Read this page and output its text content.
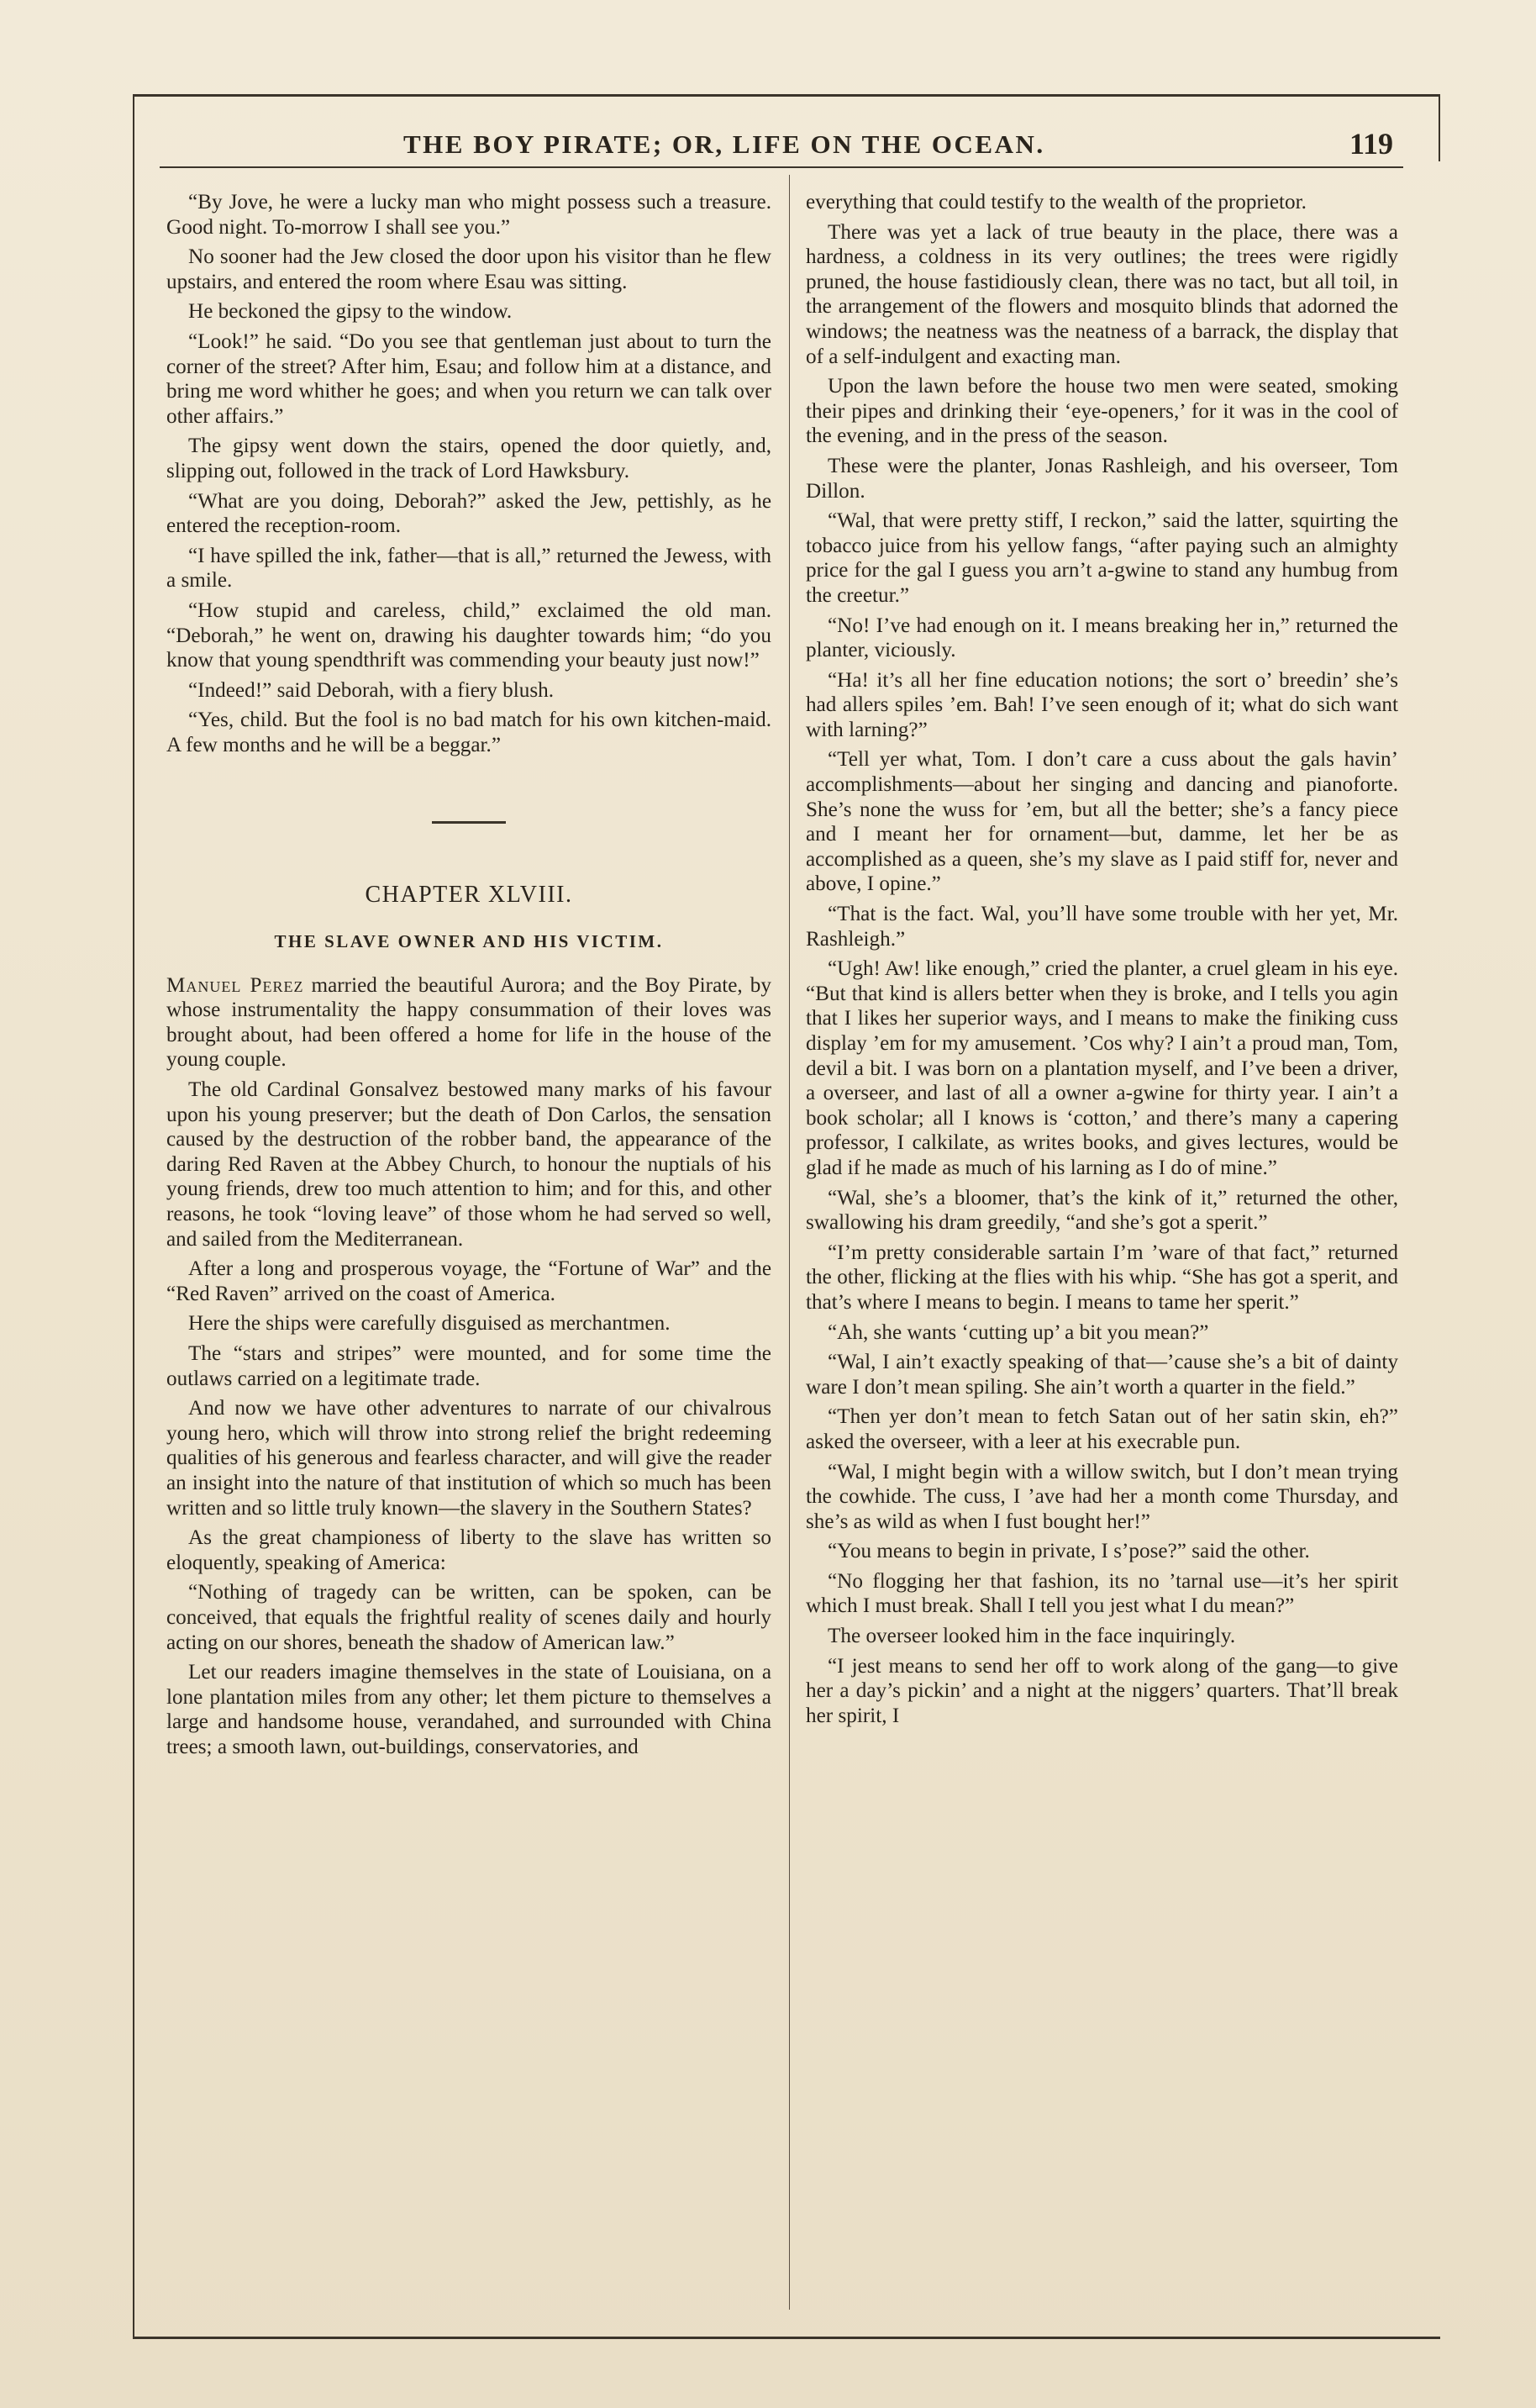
THE BOY PIRATE; OR, LIFE ON THE OCEAN.	119

“By Jove, he were a lucky man who might possess such a treasure. Good night. To-morrow I shall see you.”

No sooner had the Jew closed the door upon his visitor than he flew upstairs, and entered the room where Esau was sitting.

He beckoned the gipsy to the window.

“Look!” he said. “Do you see that gentleman just about to turn the corner of the street? After him, Esau; and follow him at a distance, and bring me word whither he goes; and when you return we can talk over other affairs.”

The gipsy went down the stairs, opened the door quietly, and, slipping out, followed in the track of Lord Hawksbury.

“What are you doing, Deborah?” asked the Jew, pettishly, as he entered the reception-room.

“I have spilled the ink, father—that is all,” returned the Jewess, with a smile.

“How stupid and careless, child,” exclaimed the old man. “Deborah,” he went on, drawing his daughter towards him; “do you know that young spendthrift was commending your beauty just now!”

“Indeed!” said Deborah, with a fiery blush.

“Yes, child. But the fool is no bad match for his own kitchen-maid. A few months and he will be a beggar.”

CHAPTER XLVIII.
THE SLAVE OWNER AND HIS VICTIM.

Manuel Perez married the beautiful Aurora; and the Boy Pirate, by whose instrumentality the happy consummation of their loves was brought about, had been offered a home for life in the house of the young couple.

The old Cardinal Gonsalvez bestowed many marks of his favour upon his young preserver; but the death of Don Carlos, the sensation caused by the destruction of the robber band, the appearance of the daring Red Raven at the Abbey Church, to honour the nuptials of his young friends, drew too much attention to him; and for this, and other reasons, he took “loving leave” of those whom he had served so well, and sailed from the Mediterranean.

After a long and prosperous voyage, the “Fortune of War” and the “Red Raven” arrived on the coast of America.

Here the ships were carefully disguised as merchantmen.

The “stars and stripes” were mounted, and for some time the outlaws carried on a legitimate trade.

And now we have other adventures to narrate of our chivalrous young hero, which will throw into strong relief the bright redeeming qualities of his generous and fearless character, and will give the reader an insight into the nature of that institution of which so much has been written and so little truly known—the slavery in the Southern States?

As the great championess of liberty to the slave has written so eloquently, speaking of America:

“Nothing of tragedy can be written, can be spoken, can be conceived, that equals the frightful reality of scenes daily and hourly acting on our shores, beneath the shadow of American law.”

Let our readers imagine themselves in the state of Louisiana, on a lone plantation miles from any other; let them picture to themselves a large and handsome house, verandahed, and surrounded with China trees; a smooth lawn, out-buildings, conservatories, and

everything that could testify to the wealth of the proprietor.

There was yet a lack of true beauty in the place, there was a hardness, a coldness in its very outlines; the trees were rigidly pruned, the house fastidiously clean, there was no tact, but all toil, in the arrangement of the flowers and mosquito blinds that adorned the windows; the neatness was the neatness of a barrack, the display that of a self-indulgent and exacting man.

Upon the lawn before the house two men were seated, smoking their pipes and drinking their ‘eye-openers,’ for it was in the cool of the evening, and in the press of the season.

These were the planter, Jonas Rashleigh, and his overseer, Tom Dillon.

“Wal, that were pretty stiff, I reckon,” said the latter, squirting the tobacco juice from his yellow fangs, “after paying such an almighty price for the gal I guess you arn’t a-gwine to stand any humbug from the creetur.”

“No! I’ve had enough on it. I means breaking her in,” returned the planter, viciously.

“Ha! it’s all her fine education notions; the sort o’ breedin’ she’s had allers spiles ’em. Bah! I’ve seen enough of it; what do sich want with larning?”

“Tell yer what, Tom. I don’t care a cuss about the gals havin’ accomplishments—about her singing and dancing and pianoforte. She’s none the wuss for ’em, but all the better; she’s a fancy piece and I meant her for ornament—but, damme, let her be as accomplished as a queen, she’s my slave as I paid stiff for, never and above, I opine.”

“That is the fact. Wal, you’ll have some trouble with her yet, Mr. Rashleigh.”

“Ugh! Aw! like enough,” cried the planter, a cruel gleam in his eye. “But that kind is allers better when they is broke, and I tells you agin that I likes her superior ways, and I means to make the finiking cuss display ’em for my amusement. ’Cos why? I ain’t a proud man, Tom, devil a bit. I was born on a plantation myself, and I’ve been a driver, a overseer, and last of all a owner a-gwine for thirty year. I ain’t a book scholar; all I knows is ‘cotton,’ and there’s many a capering professor, I calkilate, as writes books, and gives lectures, would be glad if he made as much of his larning as I do of mine.”

“Wal, she’s a bloomer, that’s the kink of it,” returned the other, swallowing his dram greedily, “and she’s got a sperit.”

“I’m pretty considerable sartain I’m ’ware of that fact,” returned the other, flicking at the flies with his whip. “She has got a sperit, and that’s where I means to begin. I means to tame her sperit.”

“Ah, she wants ‘cutting up’ a bit you mean?”

“Wal, I ain’t exactly speaking of that—’cause she’s a bit of dainty ware I don’t mean spiling. She ain’t worth a quarter in the field.”

“Then yer don’t mean to fetch Satan out of her satin skin, eh?” asked the overseer, with a leer at his execrable pun.

“Wal, I might begin with a willow switch, but I don’t mean trying the cowhide. The cuss, I ’ave had her a month come Thursday, and she’s as wild as when I fust bought her!”

“You means to begin in private, I s’pose?” said the other.

“No flogging her that fashion, its no ’tarnal use—it’s her spirit which I must break. Shall I tell you jest what I du mean?”

The overseer looked him in the face inquiringly.

“I jest means to send her off to work along of the gang—to give her a day’s pickin’ and a night at the niggers’ quarters. That’ll break her spirit, I
